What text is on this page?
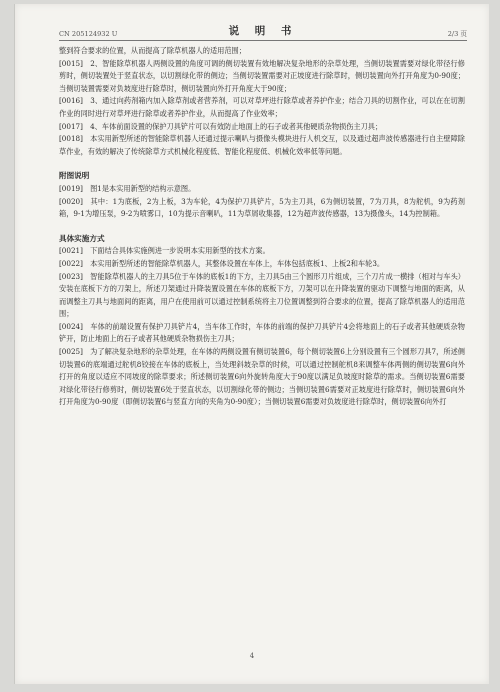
CN 205124932 U	说 明 书	2/3 页

整到符合要求的位置，从而提高了除草机器人的适用范围；

[0015]　2、智能除草机器人两侧设置的角度可调的侧切装置有效地解决复杂地形的杂草处理，当侧切装置需要对绿化带径行修剪时，侧切装置处于竖直状态，以切割绿化带的侧边；当侧切装置需要对正坡度进行除草时，侧切装置向外打开角度为0-90度；当侧切装置需要对负坡度进行除草时，侧切装置向外打开角度大于90度；

[0016]　3、通过向药剂箱内加入除草剂或者营养剂，可以对草坪进行除草或者养护作业；结合刀具的切割作业，可以在在切割作业的同时进行对草坪进行除草或者养护作业，从而提高了作业效率；

[0017]　4、车体前面设置的保护刀具铲片可以有效防止地面上的石子或者其他硬质杂物损伤主刀具；

[0018]　本实用新型所述的智能除草机器人还通过提示喇叭与摄像头模块进行人机交互，以及通过超声波传感器进行自主壁障除草作业，有效的解决了传统除草方式机械化程度低、智能化程度低、机械化效率低等问题。

附图说明

[0019]　图1是本实用新型的结构示意图。

[0020]　其中：1为底板，2为上板，3为车轮，4为保护刀具铲片，5为主刀具，6为侧切装置，7为刀具，8为舵机，9为药剂箱，9-1为增压泵，9-2为喷雾口，10为提示音喇叭，11为草屑收集器，12为超声波传感器，13为摄像头，14为控制箱。

具体实施方式

[0021]　下面结合具体实施例进一步说明本实用新型的技术方案。

[0022]　本实用新型所述的智能除草机器人，其整体设置在车体上，车体包括底板1、上板2和车轮3。

[0023]　智能除草机器人的主刀具5位于车体的底板1的下方，主刀具5由三个圆形刀片组成，三个刀片成一横排（相对与车头）安装在底板下方的刀架上，所述刀架通过升降装置设置在车体的底板下方，刀架可以在升降装置的驱动下调整与地面的距离，从而调整主刀具与地面间的距离，用户在使用前可以通过控制系统将主刀位置调整到符合要求的位置，提高了除草机器人的适用范围；

[0024]　车体的前端设置有保护刀具铲片4，当车体工作时，车体的前端的保护刀具铲片4会将地面上的石子或者其他硬质杂物铲开，防止地面上的石子或者其他硬质杂物损伤主刀具；

[0025]　为了解决复杂地形的杂草处理，在车体的两侧设置有侧切装置6，每个侧切装置6上分别设置有三个圆形刀具7，所述侧切装置6的底端通过舵机8铰接在车体的底板上，当处理斜坡杂草的时候，可以通过控制舵机8来调整车体两侧的侧切装置6向外打开的角度以适应不同坡度的除草要求；所述侧切装置6向外旋转角度大于90度以满足负坡度时除草的需求。当侧切装置6需要对绿化带径行修剪时，侧切装置6处于竖直状态，以切割绿化带的侧边；当侧切装置6需要对正坡度进行除草时，侧切装置6向外打开角度为0-90度（即侧切装置6与竖直方向的夹角为0-90度）；当侧切装置6需要对负坡度进行除草时，侧切装置6向外打

4
